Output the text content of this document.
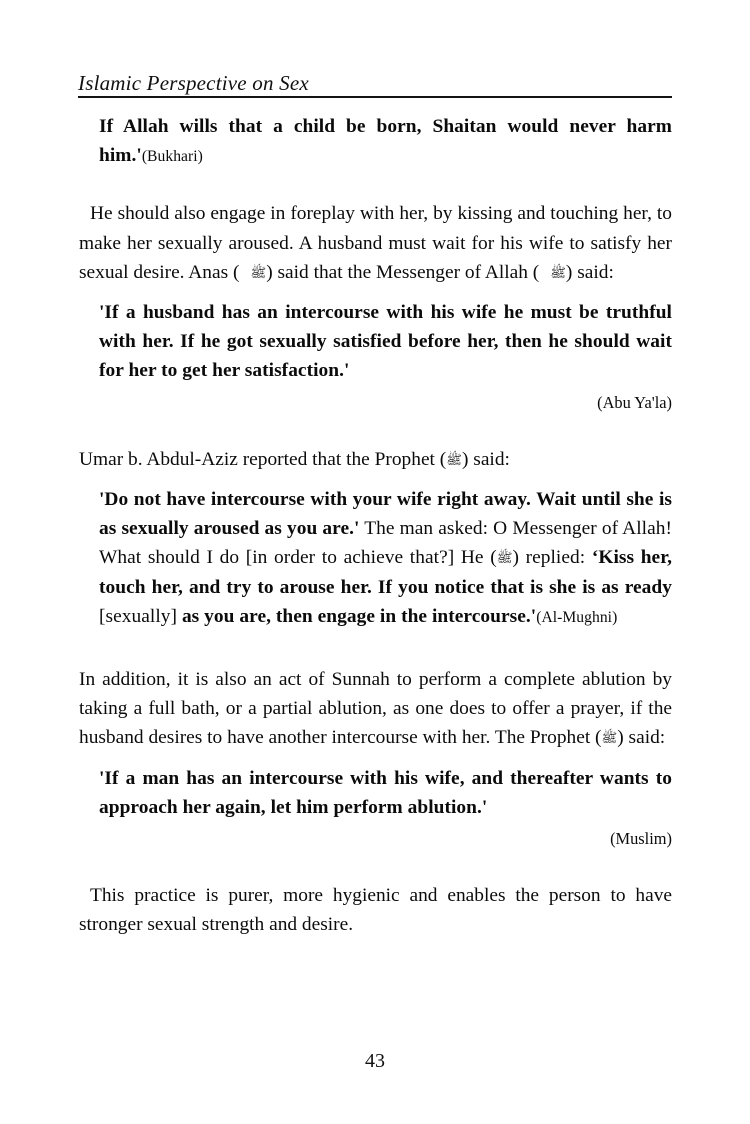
Islamic Perspective on Sex

If Allah wills that a child be born, Shaitan would never harm him.'(Bukhari)

He should also engage in foreplay with her, by kissing and touching her, to make her sexually aroused. A husband must wait for his wife to satisfy her sexual desire. Anas ( ﷺ) said that the Messenger of Allah ( ﷺ) said:

'If a husband has an intercourse with his wife he must be truthful with her. If he got sexually satisfied before her, then he should wait for her to get her satisfaction.'

(Abu Ya'la)

Umar b. Abdul-Aziz reported that the Prophet (ﷺ) said:

'Do not have intercourse with your wife right away. Wait until she is as sexually aroused as you are.' The man asked: O Messenger of Allah! What should I do [in order to achieve that?] He (ﷺ) replied: ‘Kiss her, touch her, and try to arouse her. If you notice that is she is as ready [sexually] as you are, then engage in the intercourse.'(Al-Mughni)

In addition, it is also an act of Sunnah to perform a complete ablution by taking a full bath, or a partial ablution, as one does to offer a prayer, if the husband desires to have another intercourse with her. The Prophet (ﷺ) said:

'If a man has an intercourse with his wife, and thereafter wants to approach her again, let him perform ablution.'

(Muslim)

This practice is purer, more hygienic and enables the person to have stronger sexual strength and desire.

43
